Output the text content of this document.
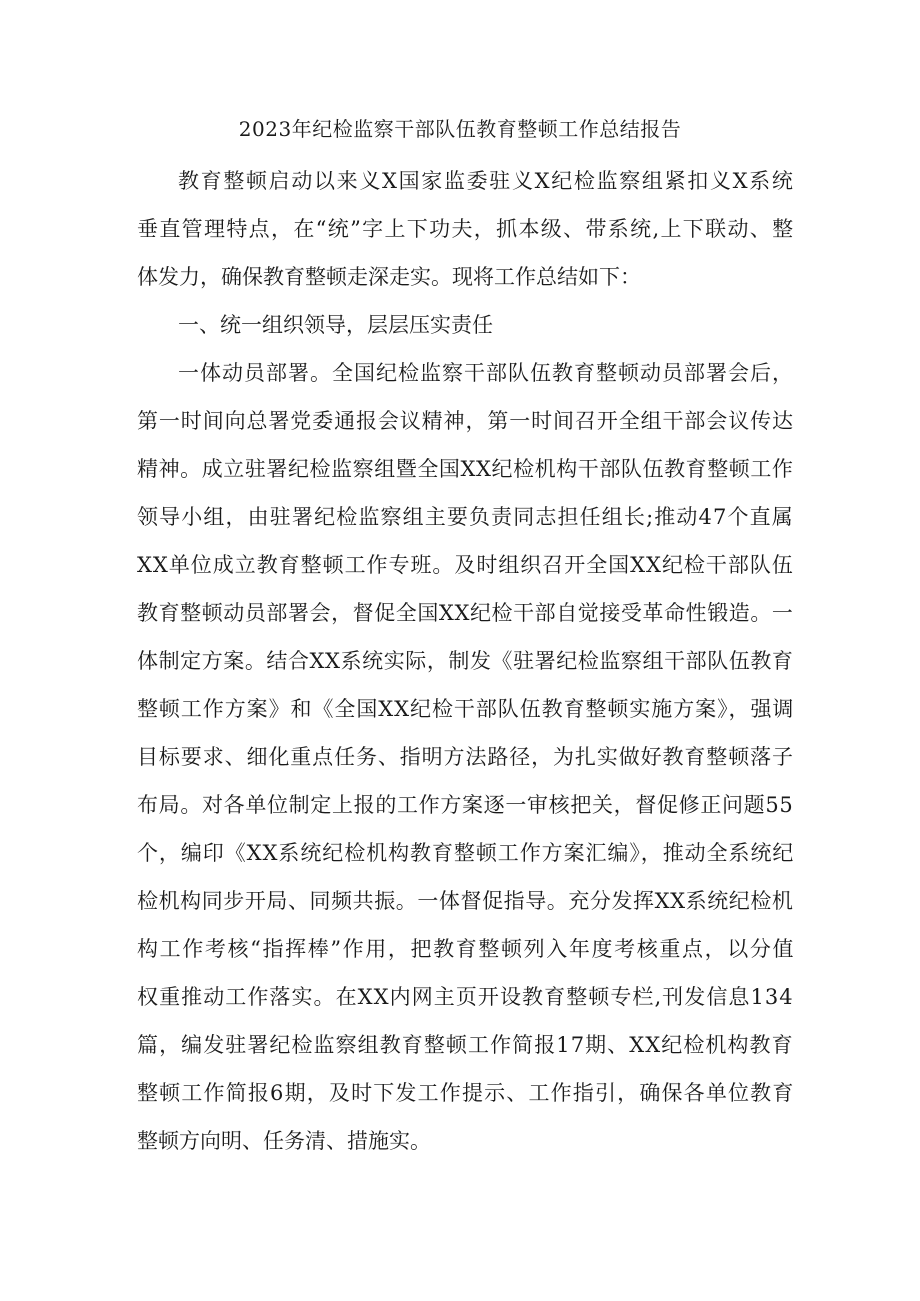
2023年纪检监察干部队伍教育整顿工作总结报告
教育整顿启动以来义X国家监委驻义X纪检监察组紧扣义X系统
垂直管理特点，在“统”字上下功夫，抓本级、带系统,上下联动、整
体发力，确保教育整顿走深走实。现将工作总结如下：
一、统一组织领导，层层压实责任
一体动员部署。全国纪检监察干部队伍教育整顿动员部署会后，
第一时间向总署党委通报会议精神，第一时间召开全组干部会议传达
精神。成立驻署纪检监察组暨全国XX纪检机构干部队伍教育整顿工作
领导小组，由驻署纪检监察组主要负责同志担任组长;推动47个直属
XX单位成立教育整顿工作专班。及时组织召开全国XX纪检干部队伍
教育整顿动员部署会，督促全国XX纪检干部自觉接受革命性锻造。一
体制定方案。结合XX系统实际，制发《驻署纪检监察组干部队伍教育
整顿工作方案》和《全国XX纪检干部队伍教育整顿实施方案》，强调
目标要求、细化重点任务、指明方法路径，为扎实做好教育整顿落子
布局。对各单位制定上报的工作方案逐一审核把关，督促修正问题55
个，编印《XX系统纪检机构教育整顿工作方案汇编》，推动全系统纪
检机构同步开局、同频共振。一体督促指导。充分发挥XX系统纪检机
构工作考核“指挥棒”作用，把教育整顿列入年度考核重点，以分值
权重推动工作落实。在XX内网主页开设教育整顿专栏,刊发信息134
篇，编发驻署纪检监察组教育整顿工作简报17期、XX纪检机构教育
整顿工作简报6期，及时下发工作提示、工作指引，确保各单位教育
整顿方向明、任务清、措施实。
